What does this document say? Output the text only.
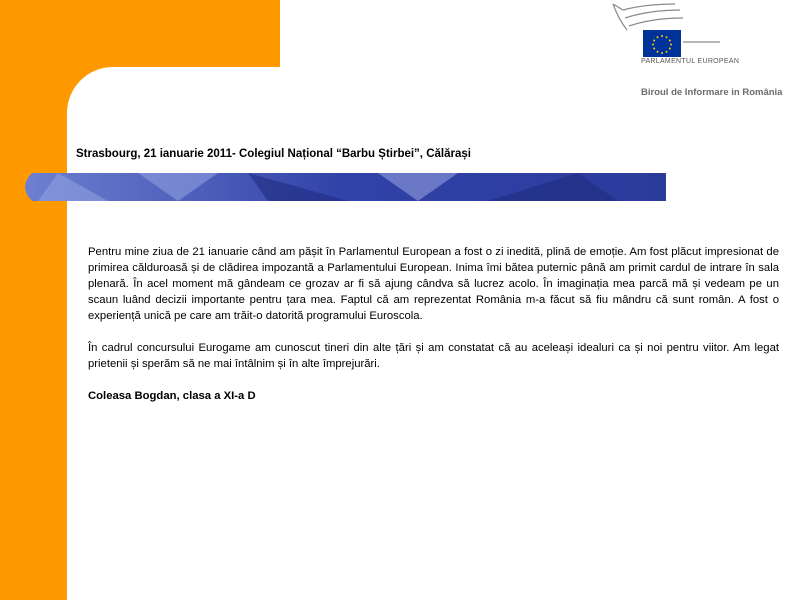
PARLAMENTUL EUROPEAN
Biroul de Informare in România
Strasbourg, 21 ianuarie 2011- Colegiul Național “Barbu Știrbei”, Călărași

Pentru mine ziua de 21 ianuarie când am pășit în Parlamentul European a fost o zi inedită, plină de emoție. Am fost plăcut impresionat de primirea călduroasă și de clădirea impozantă a Parlamentului European. Inima îmi bătea puternic până am primit cardul de intrare în sala plenară. În acel moment mă gândeam ce grozav ar fi să ajung cândva să lucrez acolo. În imaginația mea parcă mă și vedeam pe un scaun luând decizii importante pentru țara mea. Faptul că am reprezentat România m-a făcut să fiu mândru că sunt român. A fost o experiență unică pe care am trăit-o datorită programului Euroscola.

În cadrul concursului Eurogame am cunoscut tineri din alte țări și am constatat că au aceleași idealuri ca și noi pentru viitor. Am legat prietenii și sperăm să ne mai întâlnim și în alte împrejurări.

Coleasa Bogdan, clasa a XI-a D
